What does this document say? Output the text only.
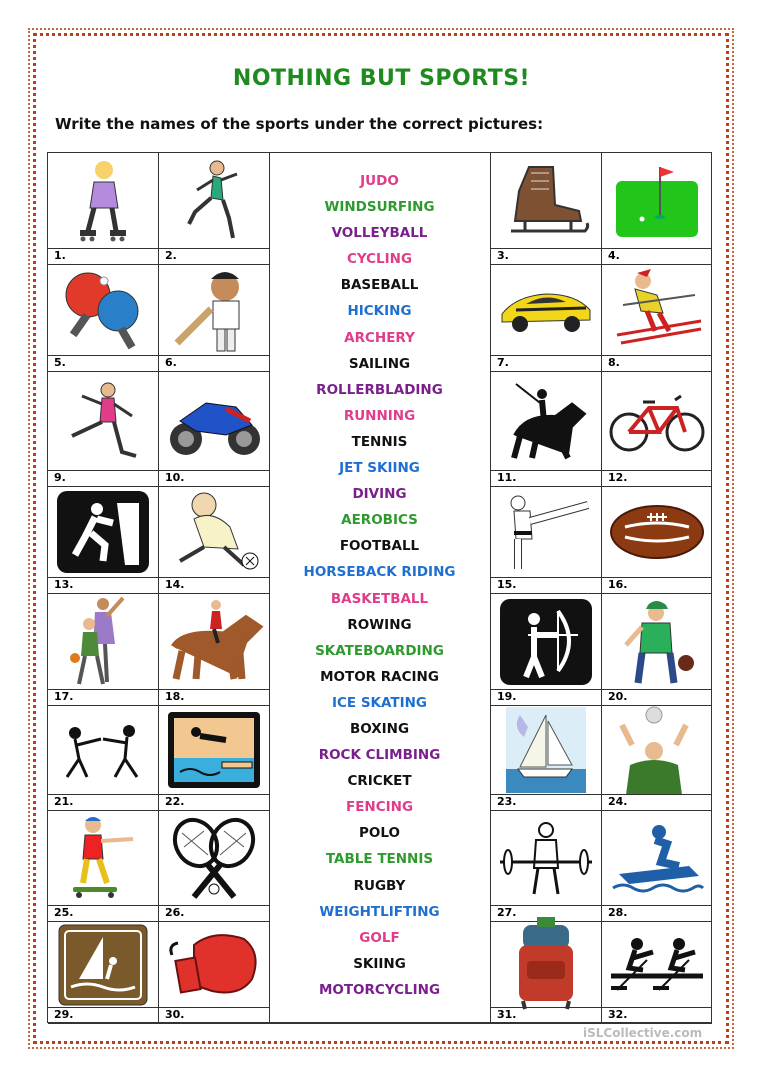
NOTHING BUT SPORTS!
Write the names of the sports under the correct pictures:
1.	2.	3.	4.
5.	6.	7.	8.
9.	10.	11.	12.
13.	14.	15.	16.
17.	18.	19.	20.
21.	22.	23.	24.
25.	26.	27.	28.
29.	30.	31.	32.
JUDO
WINDSURFING
VOLLEYBALL
CYCLING
BASEBALL
HICKING
ARCHERY
SAILING
ROLLERBLADING
RUNNING
TENNIS
JET SKIING
DIVING
AEROBICS
FOOTBALL
HORSEBACK RIDING
BASKETBALL
ROWING
SKATEBOARDING
MOTOR RACING
ICE SKATING
BOXING
ROCK CLIMBING
CRICKET
FENCING
POLO
TABLE TENNIS
RUGBY
WEIGHTLIFTING
GOLF
SKIING
MOTORCYCLING
iSLCollective.com
